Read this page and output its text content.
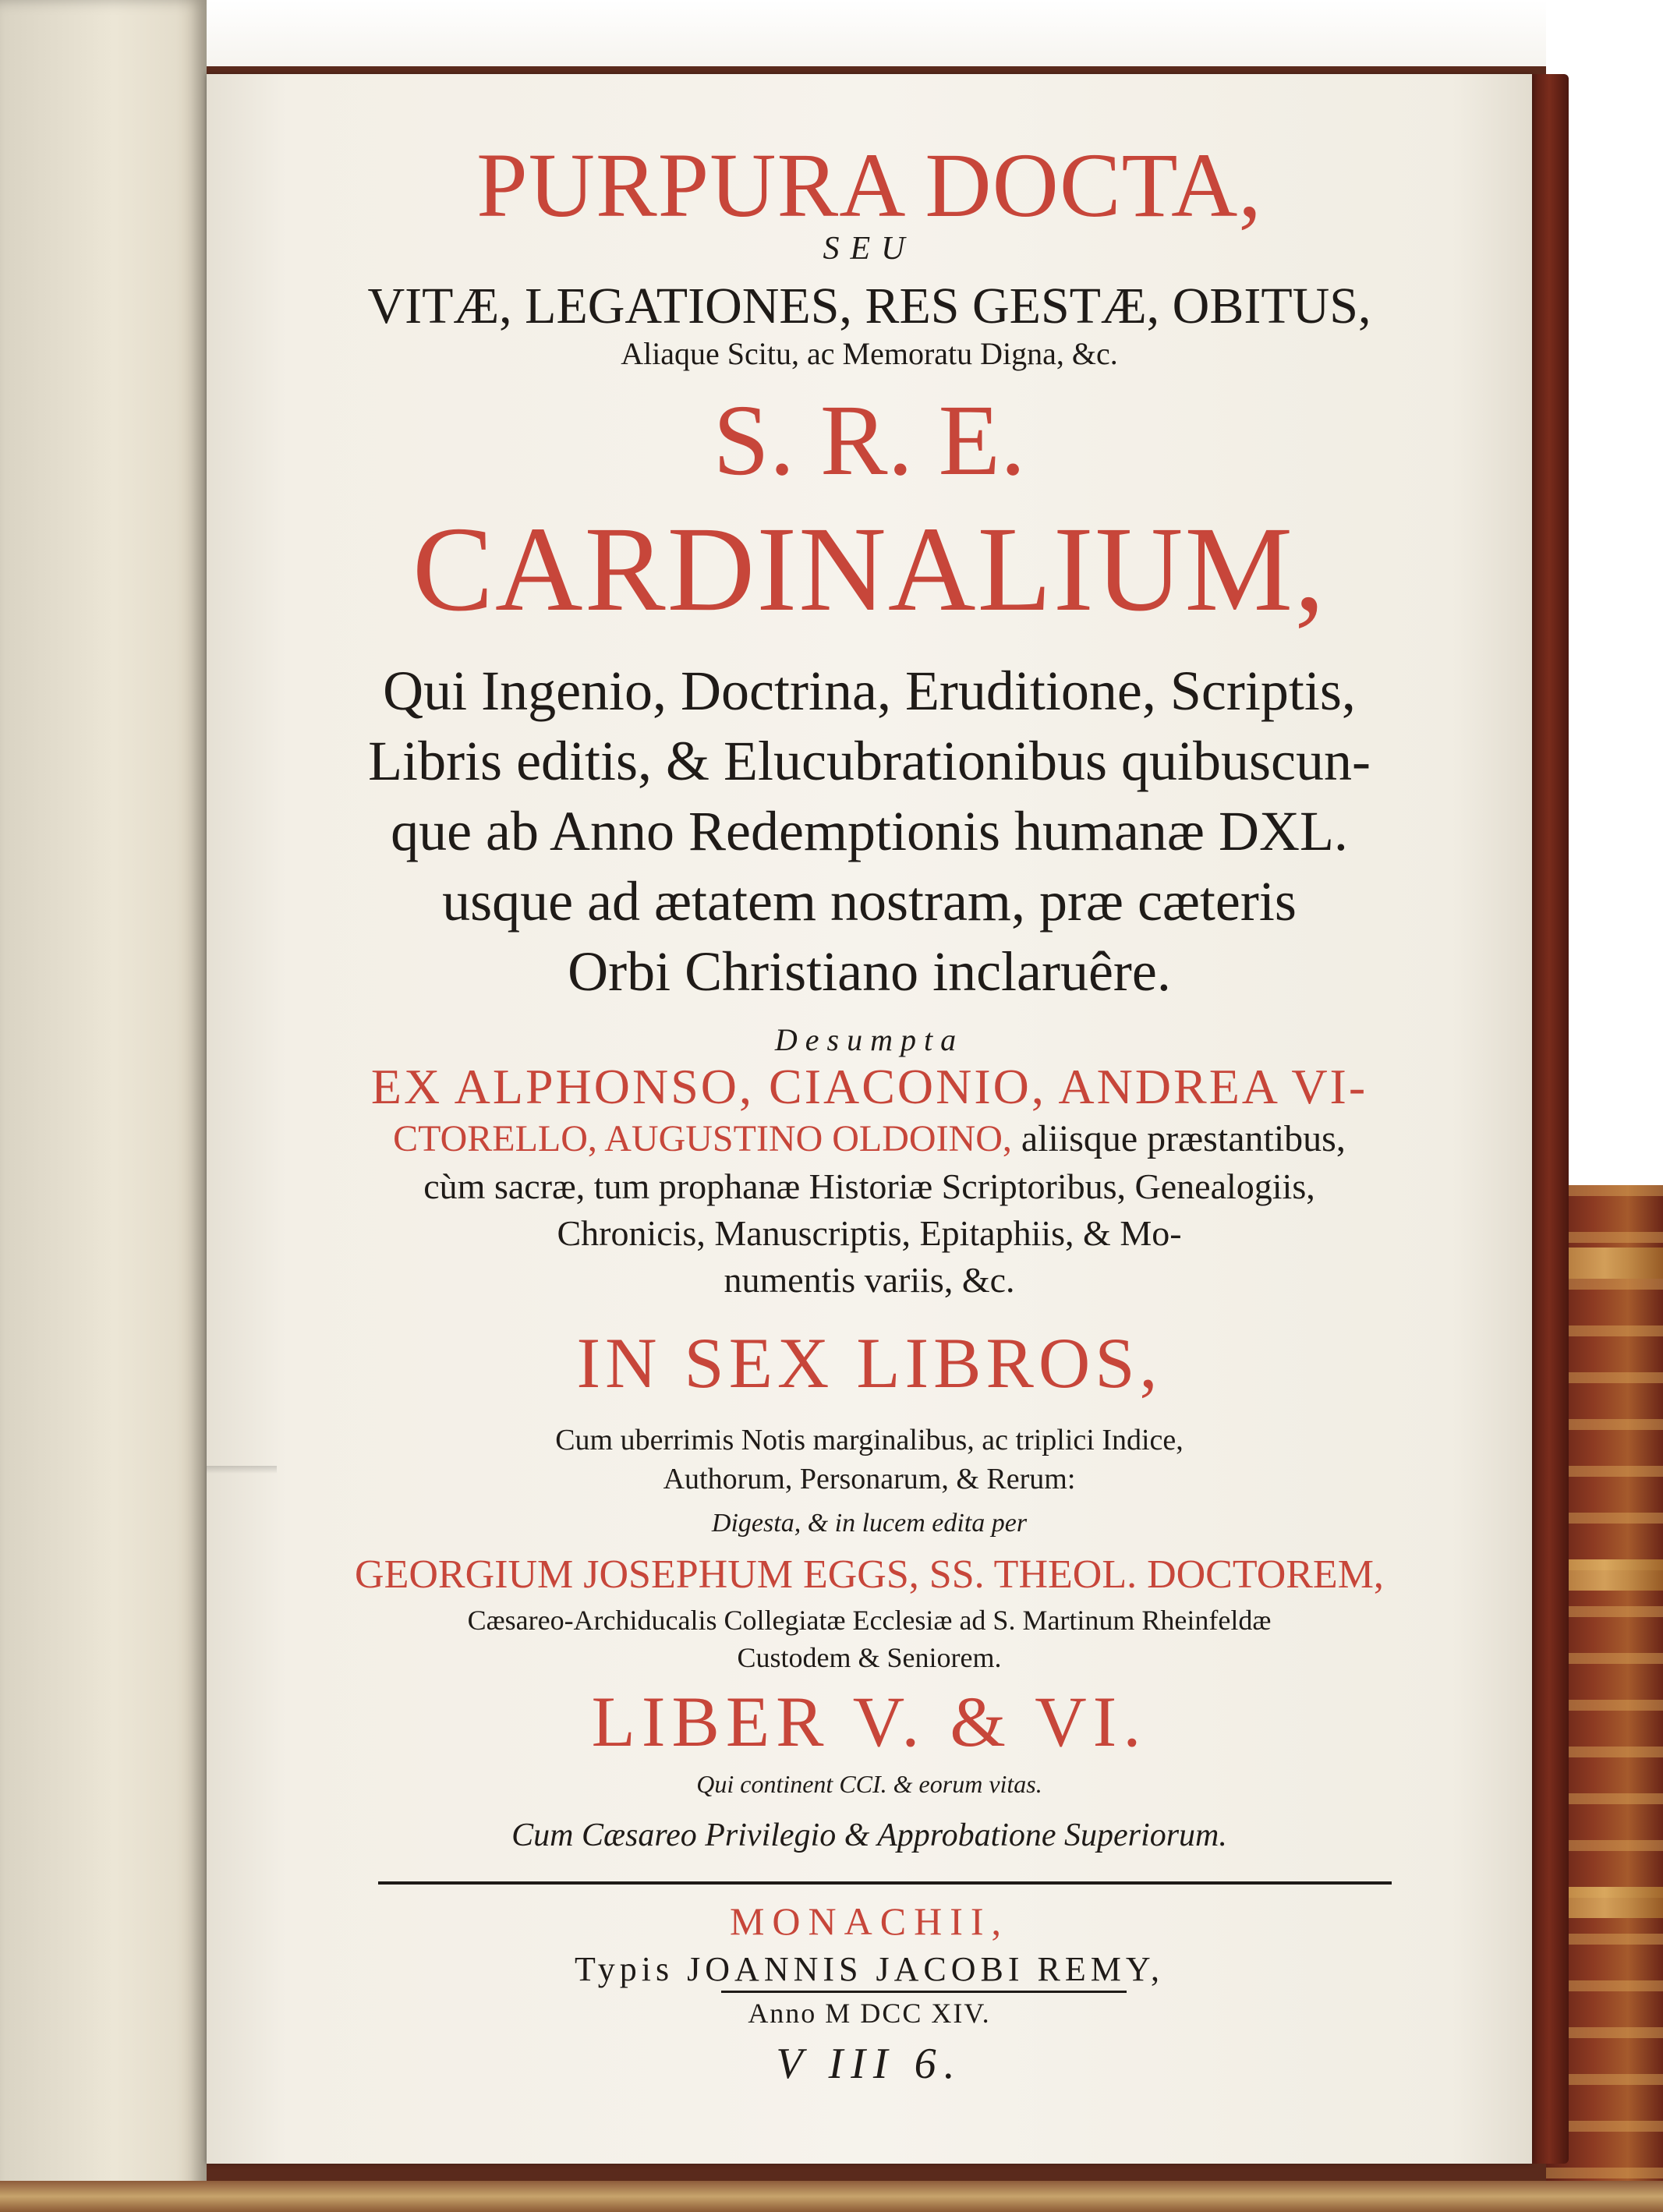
PURPURA DOCTA,
SEU
VITÆ, LEGATIONES, RES GESTÆ, OBITUS,
Aliaque Scitu, ac Memoratu Digna, &c.
S. R. E.
CARDINALIUM,
Qui Ingenio, Doctrina, Eruditione, Scriptis,
Libris editis, & Elucubrationibus quibuscun-
que ab Anno Redemptionis humanæ DXL.
usque ad ætatem nostram, præ cæteris
Orbi Christiano inclaruêre.
Desumpta
EX ALPHONSO, CIACONIO, ANDREA VI-
CTORELLO, AUGUSTINO OLDOINO, aliisque præstantibus,
cùm sacræ, tum prophanæ Historiæ Scriptoribus, Genealogiis,
Chronicis, Manuscriptis, Epitaphiis, & Mo-
numentis variis, &c.
IN SEX LIBROS,
Cum uberrimis Notis marginalibus, ac triplici Indice,
Authorum, Personarum, & Rerum:
Digesta, & in lucem edita per
GEORGIUM JOSEPHUM EGGS, SS. THEOL. DOCTOREM,
Cæsareo-Archiducalis Collegiatæ Ecclesiæ ad S. Martinum Rheinfeldæ
Custodem & Seniorem.
LIBER V. & VI.
Qui continent CCI. & eorum vitas.
Cum Cæsareo Privilegio & Approbatione Superiorum.
MONACHII,
Typis JOANNIS JACOBI REMY,
Anno M DCC XIV.
V III 6.
